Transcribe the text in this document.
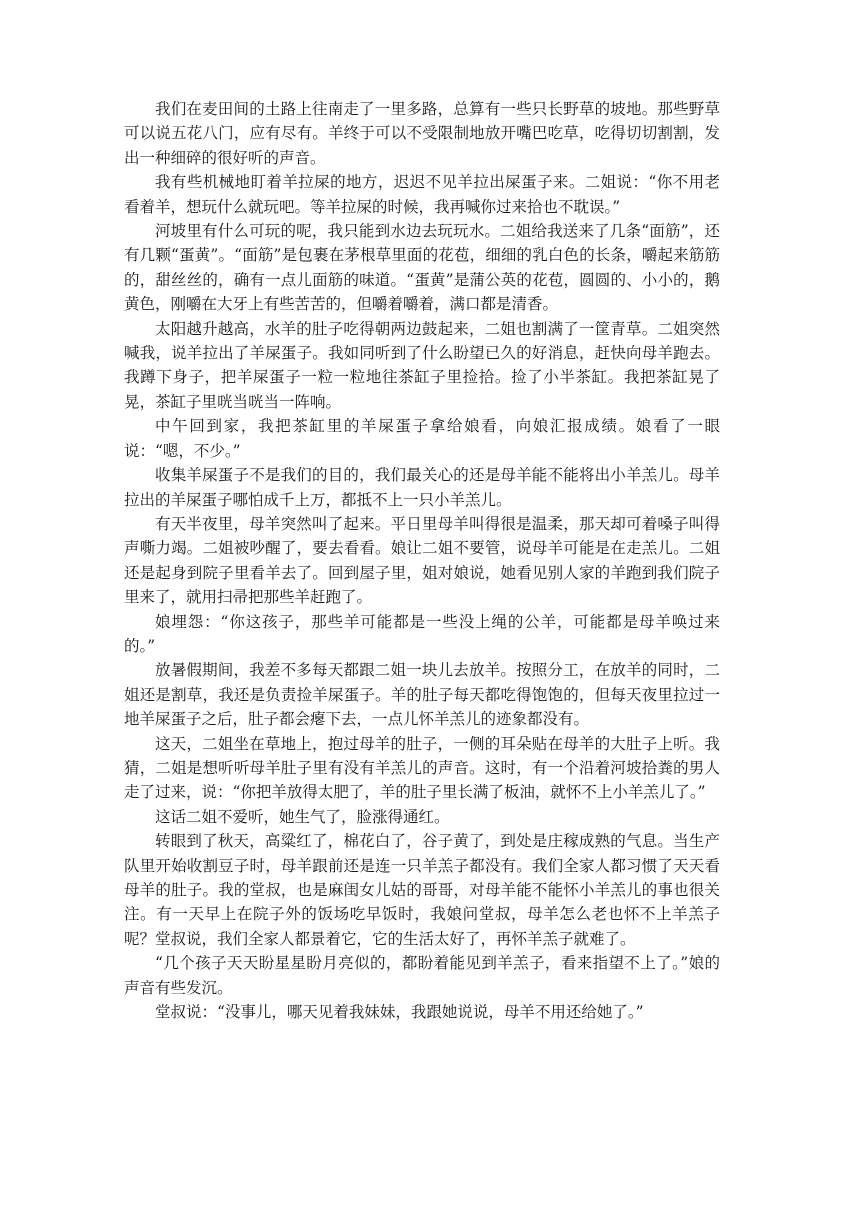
我们在麦田间的土路上往南走了一里多路，总算有一些只长野草的坡地。那些野草可以说五花八门，应有尽有。羊终于可以不受限制地放开嘴巴吃草，吃得切切割割，发出一种细碎的很好听的声音。

我有些机械地盯着羊拉屎的地方，迟迟不见羊拉出屎蛋子来。二姐说：“你不用老看着羊，想玩什么就玩吧。等羊拉屎的时候，我再喊你过来拾也不耽误。”

河坡里有什么可玩的呢，我只能到水边去玩玩水。二姐给我送来了几条“面筋”，还有几颗“蛋黄”。“面筋”是包裹在茅根草里面的花苞，细细的乳白色的长条，嚼起来筋筋的，甜丝丝的，确有一点儿面筋的味道。“蛋黄”是蒲公英的花苞，圆圆的、小小的，鹅黄色，刚嚼在大牙上有些苦苦的，但嚼着嚼着，满口都是清香。

太阳越升越高，水羊的肚子吃得朝两边鼓起来，二姐也割满了一筐青草。二姐突然喊我，说羊拉出了羊屎蛋子。我如同听到了什么盼望已久的好消息，赶快向母羊跑去。我蹲下身子，把羊屎蛋子一粒一粒地往茶缸子里捡拾。捡了小半茶缸。我把茶缸晃了晃，茶缸子里咣当咣当一阵响。

中午回到家，我把茶缸里的羊屎蛋子拿给娘看，向娘汇报成绩。娘看了一眼说：“嗯，不少。”

收集羊屎蛋子不是我们的目的，我们最关心的还是母羊能不能将出小羊羔儿。母羊拉出的羊屎蛋子哪怕成千上万，都抵不上一只小羊羔儿。

有天半夜里，母羊突然叫了起来。平日里母羊叫得很是温柔，那天却可着嗓子叫得声嘶力竭。二姐被吵醒了，要去看看。娘让二姐不要管，说母羊可能是在走羔儿。二姐还是起身到院子里看羊去了。回到屋子里，姐对娘说，她看见别人家的羊跑到我们院子里来了，就用扫帚把那些羊赶跑了。

娘埋怨：“你这孩子，那些羊可能都是一些没上绳的公羊，可能都是母羊唤过来的。”

放暑假期间，我差不多每天都跟二姐一块儿去放羊。按照分工，在放羊的同时，二姐还是割草，我还是负责捡羊屎蛋子。羊的肚子每天都吃得饱饱的，但每天夜里拉过一地羊屎蛋子之后，肚子都会瘪下去，一点儿怀羊羔儿的迹象都没有。

这天，二姐坐在草地上，抱过母羊的肚子，一侧的耳朵贴在母羊的大肚子上听。我猜，二姐是想听听母羊肚子里有没有羊羔儿的声音。这时，有一个沿着河坡拾粪的男人走了过来，说：“你把羊放得太肥了，羊的肚子里长满了板油，就怀不上小羊羔儿了。”

这话二姐不爱听，她生气了，脸涨得通红。

转眼到了秋天，高粱红了，棉花白了，谷子黄了，到处是庄稼成熟的气息。当生产队里开始收割豆子时，母羊跟前还是连一只羊羔子都没有。我们全家人都习惯了天天看母羊的肚子。我的堂叔，也是麻闺女儿姑的哥哥，对母羊能不能怀小羊羔儿的事也很关注。有一天早上在院子外的饭场吃早饭时，我娘问堂叔，母羊怎么老也怀不上羊羔子呢？堂叔说，我们全家人都景着它，它的生活太好了，再怀羊羔子就难了。

“几个孩子天天盼星星盼月亮似的，都盼着能见到羊羔子，看来指望不上了。”娘的声音有些发沉。

堂叔说：“没事儿，哪天见着我妹妹，我跟她说说，母羊不用还给她了。”
